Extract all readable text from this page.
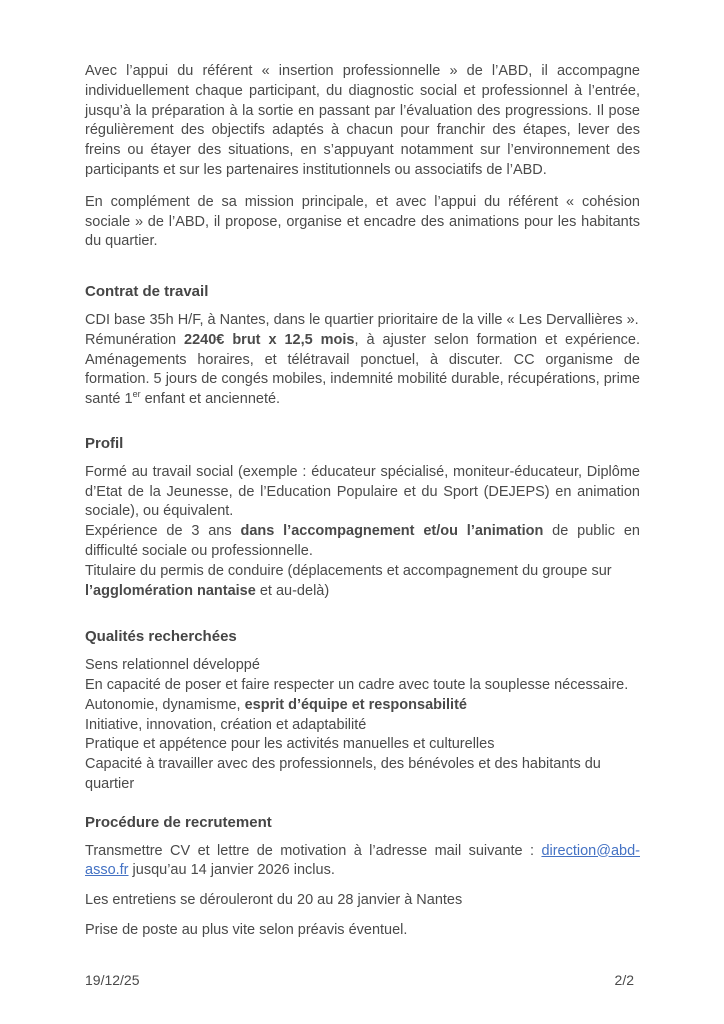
Avec l’appui du référent « insertion professionnelle » de l’ABD, il accompagne individuellement chaque participant, du diagnostic social et professionnel à l’entrée, jusqu’à la préparation à la sortie en passant par l’évaluation des progressions. Il pose régulièrement des objectifs adaptés à chacun pour franchir des étapes, lever des freins ou étayer des situations, en s’appuyant notamment sur l’environnement des participants et sur les partenaires institutionnels ou associatifs de l’ABD.

En complément de sa mission principale, et avec l’appui du référent « cohésion sociale » de l’ABD, il propose, organise et encadre des animations pour les habitants du quartier.

Contrat de travail

CDI base 35h H/F, à Nantes, dans le quartier prioritaire de la ville « Les Dervallières ».
Rémunération 2240€ brut x 12,5 mois, à ajuster selon formation et expérience. Aménagements horaires, et télétravail ponctuel, à discuter. CC organisme de formation. 5 jours de congés mobiles, indemnité mobilité durable, récupérations, prime santé 1er enfant et ancienneté.

Profil

Formé au travail social (exemple : éducateur spécialisé, moniteur-éducateur, Diplôme d’Etat de la Jeunesse, de l’Education Populaire et du Sport (DEJEPS) en animation sociale), ou équivalent.
Expérience de 3 ans dans l’accompagnement et/ou l’animation de public en difficulté sociale ou professionnelle.
Titulaire du permis de conduire (déplacements et accompagnement du groupe sur
l’agglomération nantaise et au-delà)

Qualités recherchées

Sens relationnel développé
En capacité de poser et faire respecter un cadre avec toute la souplesse nécessaire.
Autonomie, dynamisme, esprit d’équipe et responsabilité
Initiative, innovation, création et adaptabilité
Pratique et appétence pour les activités manuelles et culturelles
Capacité à travailler avec des professionnels, des bénévoles et des habitants du quartier

Procédure de recrutement

Transmettre CV et lettre de motivation à l’adresse mail suivante : direction@abd-asso.fr jusqu’au 14 janvier 2026 inclus.

Les entretiens se dérouleront du 20 au 28 janvier à Nantes

Prise de poste au plus vite selon préavis éventuel.

19/12/25	2/2
